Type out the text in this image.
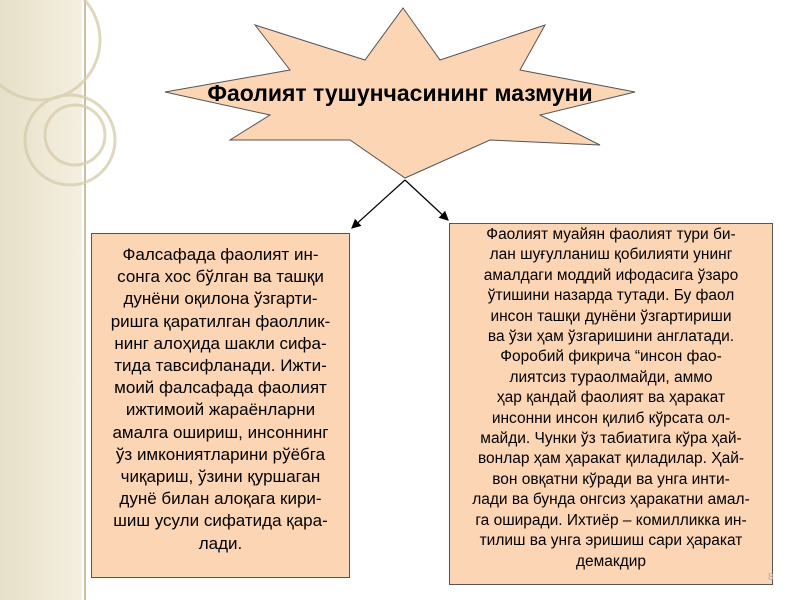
Фаолият тушунчасининг мазмуни
Фалсафада фаолият ин-
сонга хос бўлган ва ташқи
дунёни оқилона ўзгарти-
ришга қаратилган фаоллик-
нинг алоҳида шакли сифа-
тида тавсифланади. Ижти-
моий фалсафада фаолият
ижтимоий жараёнларни
амалга ошириш, инсоннинг
ўз имкониятларини рўёбга
чиқариш, ўзини қуршаган
дунё билан алоқага кири-
шиш усули сифатида қара-
лади.
Фаолият муайян фаолият тури би-
лан шуғулланиш қобилияти унинг
амалдаги моддий ифодасига ўзаро
ўтишини назарда тутади. Бу фаол
инсон ташқи дунёни ўзгартириши
ва ўзи ҳам ўзгаришини англатади.
Форобий фикрича “инсон фао-
лиятсиз тураолмайди, аммо
ҳар қандай фаолият ва ҳаракат
инсонни инсон қилиб кўрсата ол-
майди. Чунки ўз табиатига кўра ҳай-
вонлар ҳам ҳаракат қиладилар. Ҳай-
вон овқатни кўради ва унга инти-
лади ва бунда онгсиз ҳаракатни амал-
га оширади. Ихтиёр – комилликка ин-
тилиш ва унга эришиш сари ҳаракат
демакдир
8
